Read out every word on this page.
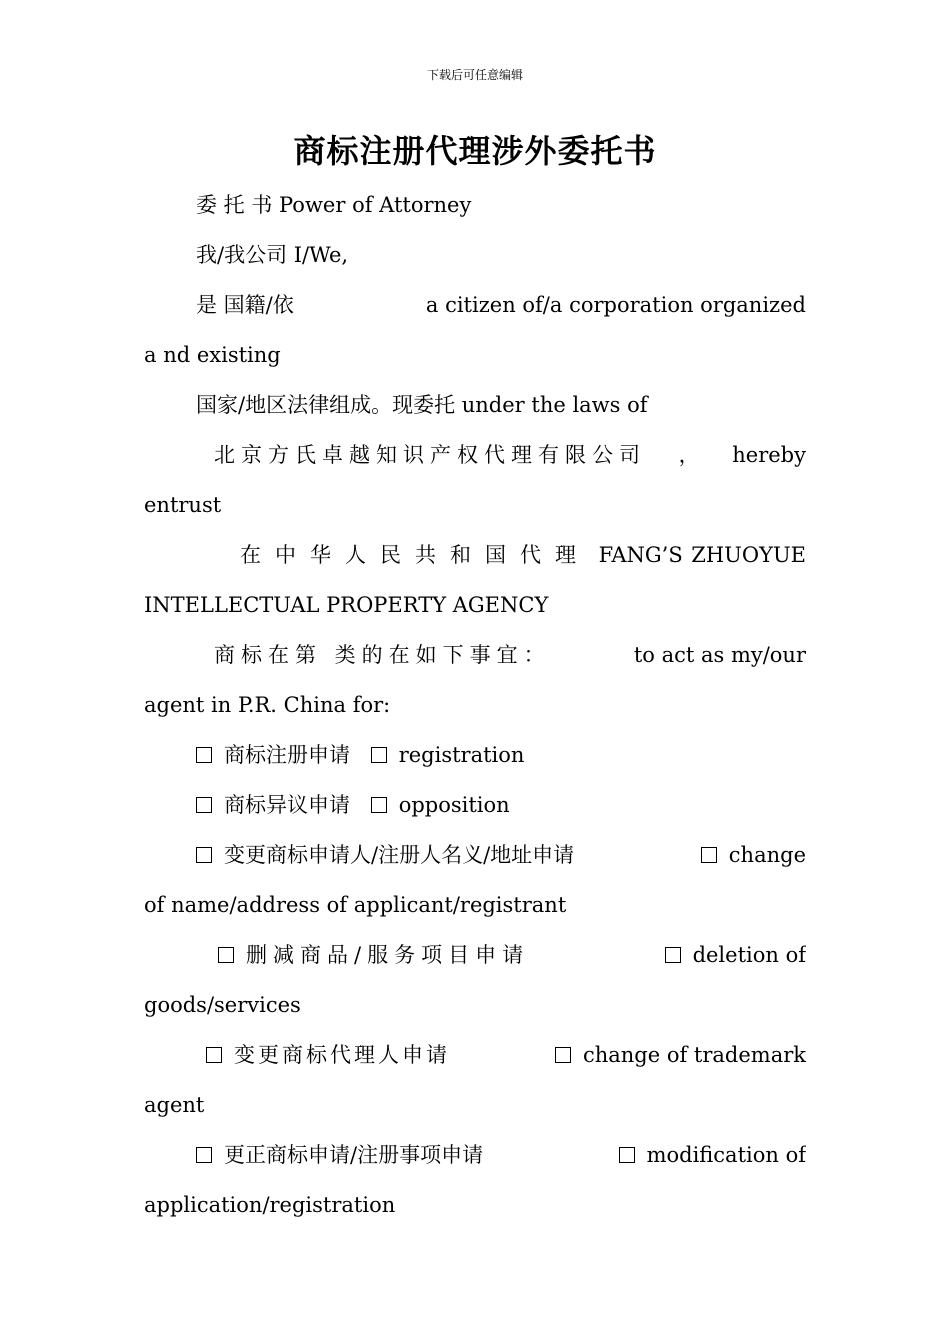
下载后可任意编辑
商标注册代理涉外委托书
委 托 书 Power of Attorney
我/我公司 I/We,
是 国籍/依	a citizen of/a corporation organized
a nd existing
国家/地区法律组成。现委托 under the laws of
北京方氏卓越知识产权代理有限公司 ， hereby
entrust
在中华人民共和国代理 FANG’S ZHUOYUE
INTELLECTUAL PROPERTY AGENCY
商标在第 类的在如下事宜：	to act as my/our
agent in P.R. China for:
商标注册申请 registration
商标异议申请 opposition
变更商标申请人/注册人名义/地址申请	change
of name/address of applicant/registrant
删减商品/服务项目申请	deletion of
goods/services
变更商标代理人申请	change of trademark
agent
更正商标申请/注册事项申请	modification of
application/registration
